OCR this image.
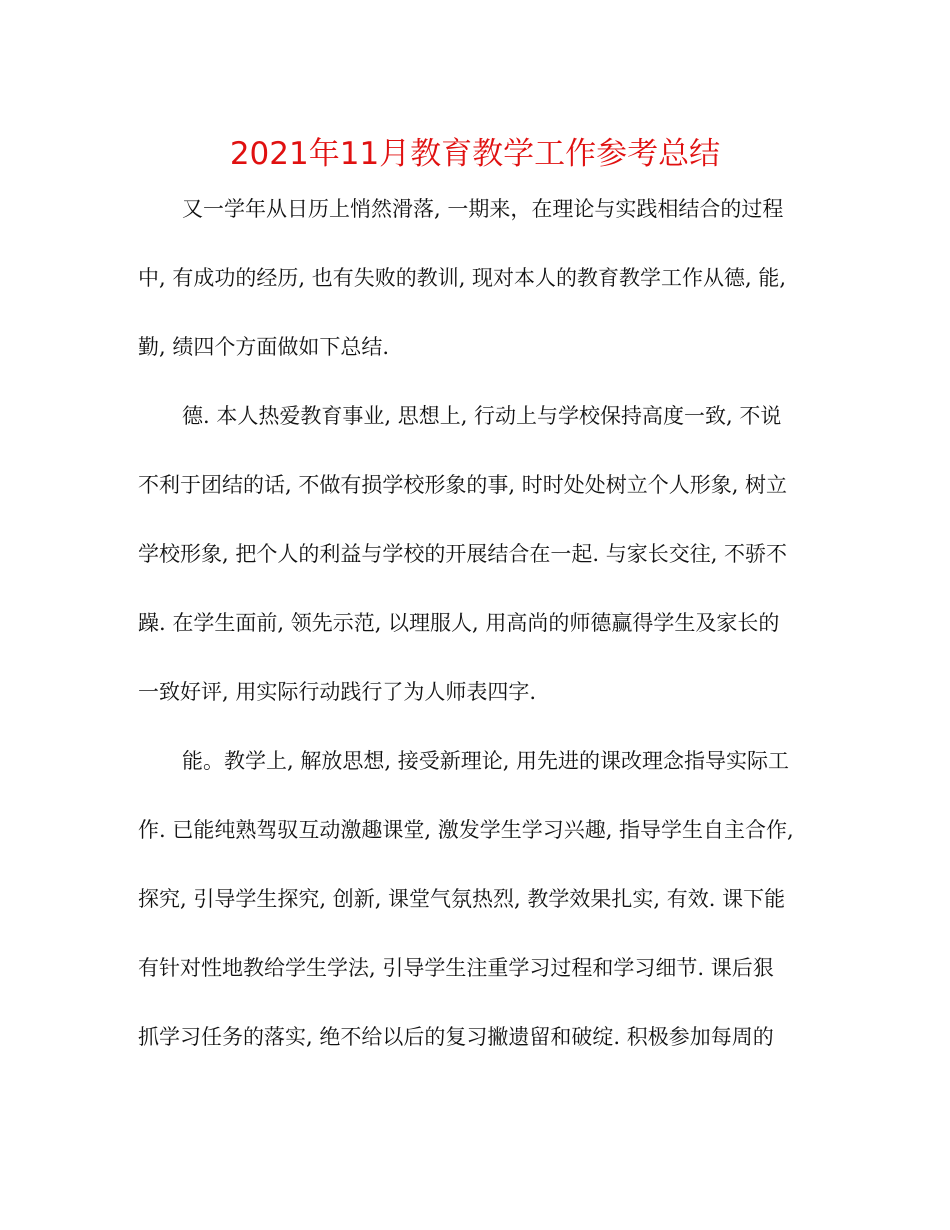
2021年11月教育教学工作参考总结

又一学年从日历上悄然滑落, 一期来，在理论与实践相结合的过程

中, 有成功的经历, 也有失败的教训, 现对本人的教育教学工作从德, 能,

勤, 绩四个方面做如下总结.

德. 本人热爱教育事业, 思想上, 行动上与学校保持高度一致, 不说

不利于团结的话, 不做有损学校形象的事, 时时处处树立个人形象, 树立

学校形象, 把个人的利益与学校的开展结合在一起. 与家长交往, 不骄不

躁. 在学生面前, 领先示范, 以理服人, 用高尚的师德赢得学生及家长的

一致好评, 用实际行动践行了为人师表四字.

能。教学上, 解放思想, 接受新理论, 用先进的课改理念指导实际工

作. 已能纯熟驾驭互动激趣课堂, 激发学生学习兴趣, 指导学生自主合作,

探究, 引导学生探究, 创新, 课堂气氛热烈, 教学效果扎实, 有效. 课下能

有针对性地教给学生学法, 引导学生注重学习过程和学习细节. 课后狠

抓学习任务的落实, 绝不给以后的复习撇遗留和破绽. 积极参加每周的
